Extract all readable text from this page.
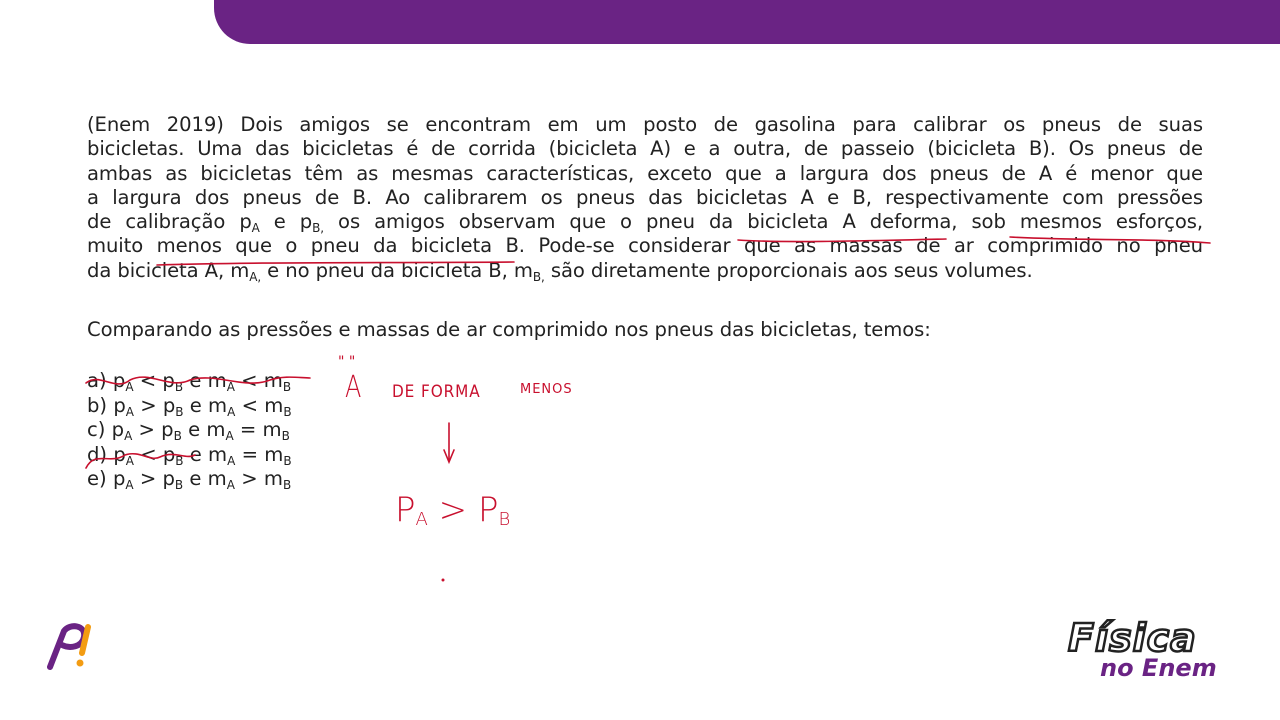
(Enem 2019) Dois amigos se encontram em um posto de gasolina para calibrar os pneus de suas
bicicletas. Uma das bicicletas é de corrida (bicicleta A) e a outra, de passeio (bicicleta B). Os pneus de
ambas as bicicletas têm as mesmas características, exceto que a largura dos pneus de A é menor que
a largura dos pneus de B. Ao calibrarem os pneus das bicicletas A e B, respectivamente com pressões
de calibração $p_A$ e $p_{B,}$ os amigos observam que o pneu da bicicleta A deforma, sob mesmos esforços,
muito menos que o pneu da bicicleta B. Pode-se considerar que as massas de ar comprimido no pneu
da bicicleta A, $m_{A,}$ e no pneu da bicicleta B, $m_{B,}$ são diretamente proporcionais aos seus volumes.
Comparando as pressões e massas de ar comprimido nos pneus das bicicletas, temos:
a) $p_A < p_B$ e $m_A < m_B$
b) $p_A > p_B$ e $m_A < m_B$
c) $p_A > p_B$ e $m_A = m_B$
d) $p_A < p_B$ e $m_A = m_B$
e) $p_A > p_B$ e $m_A > m_B$
" "
A DE FORMA	MENOS
$P_A > P_B$
Física
no Enem
